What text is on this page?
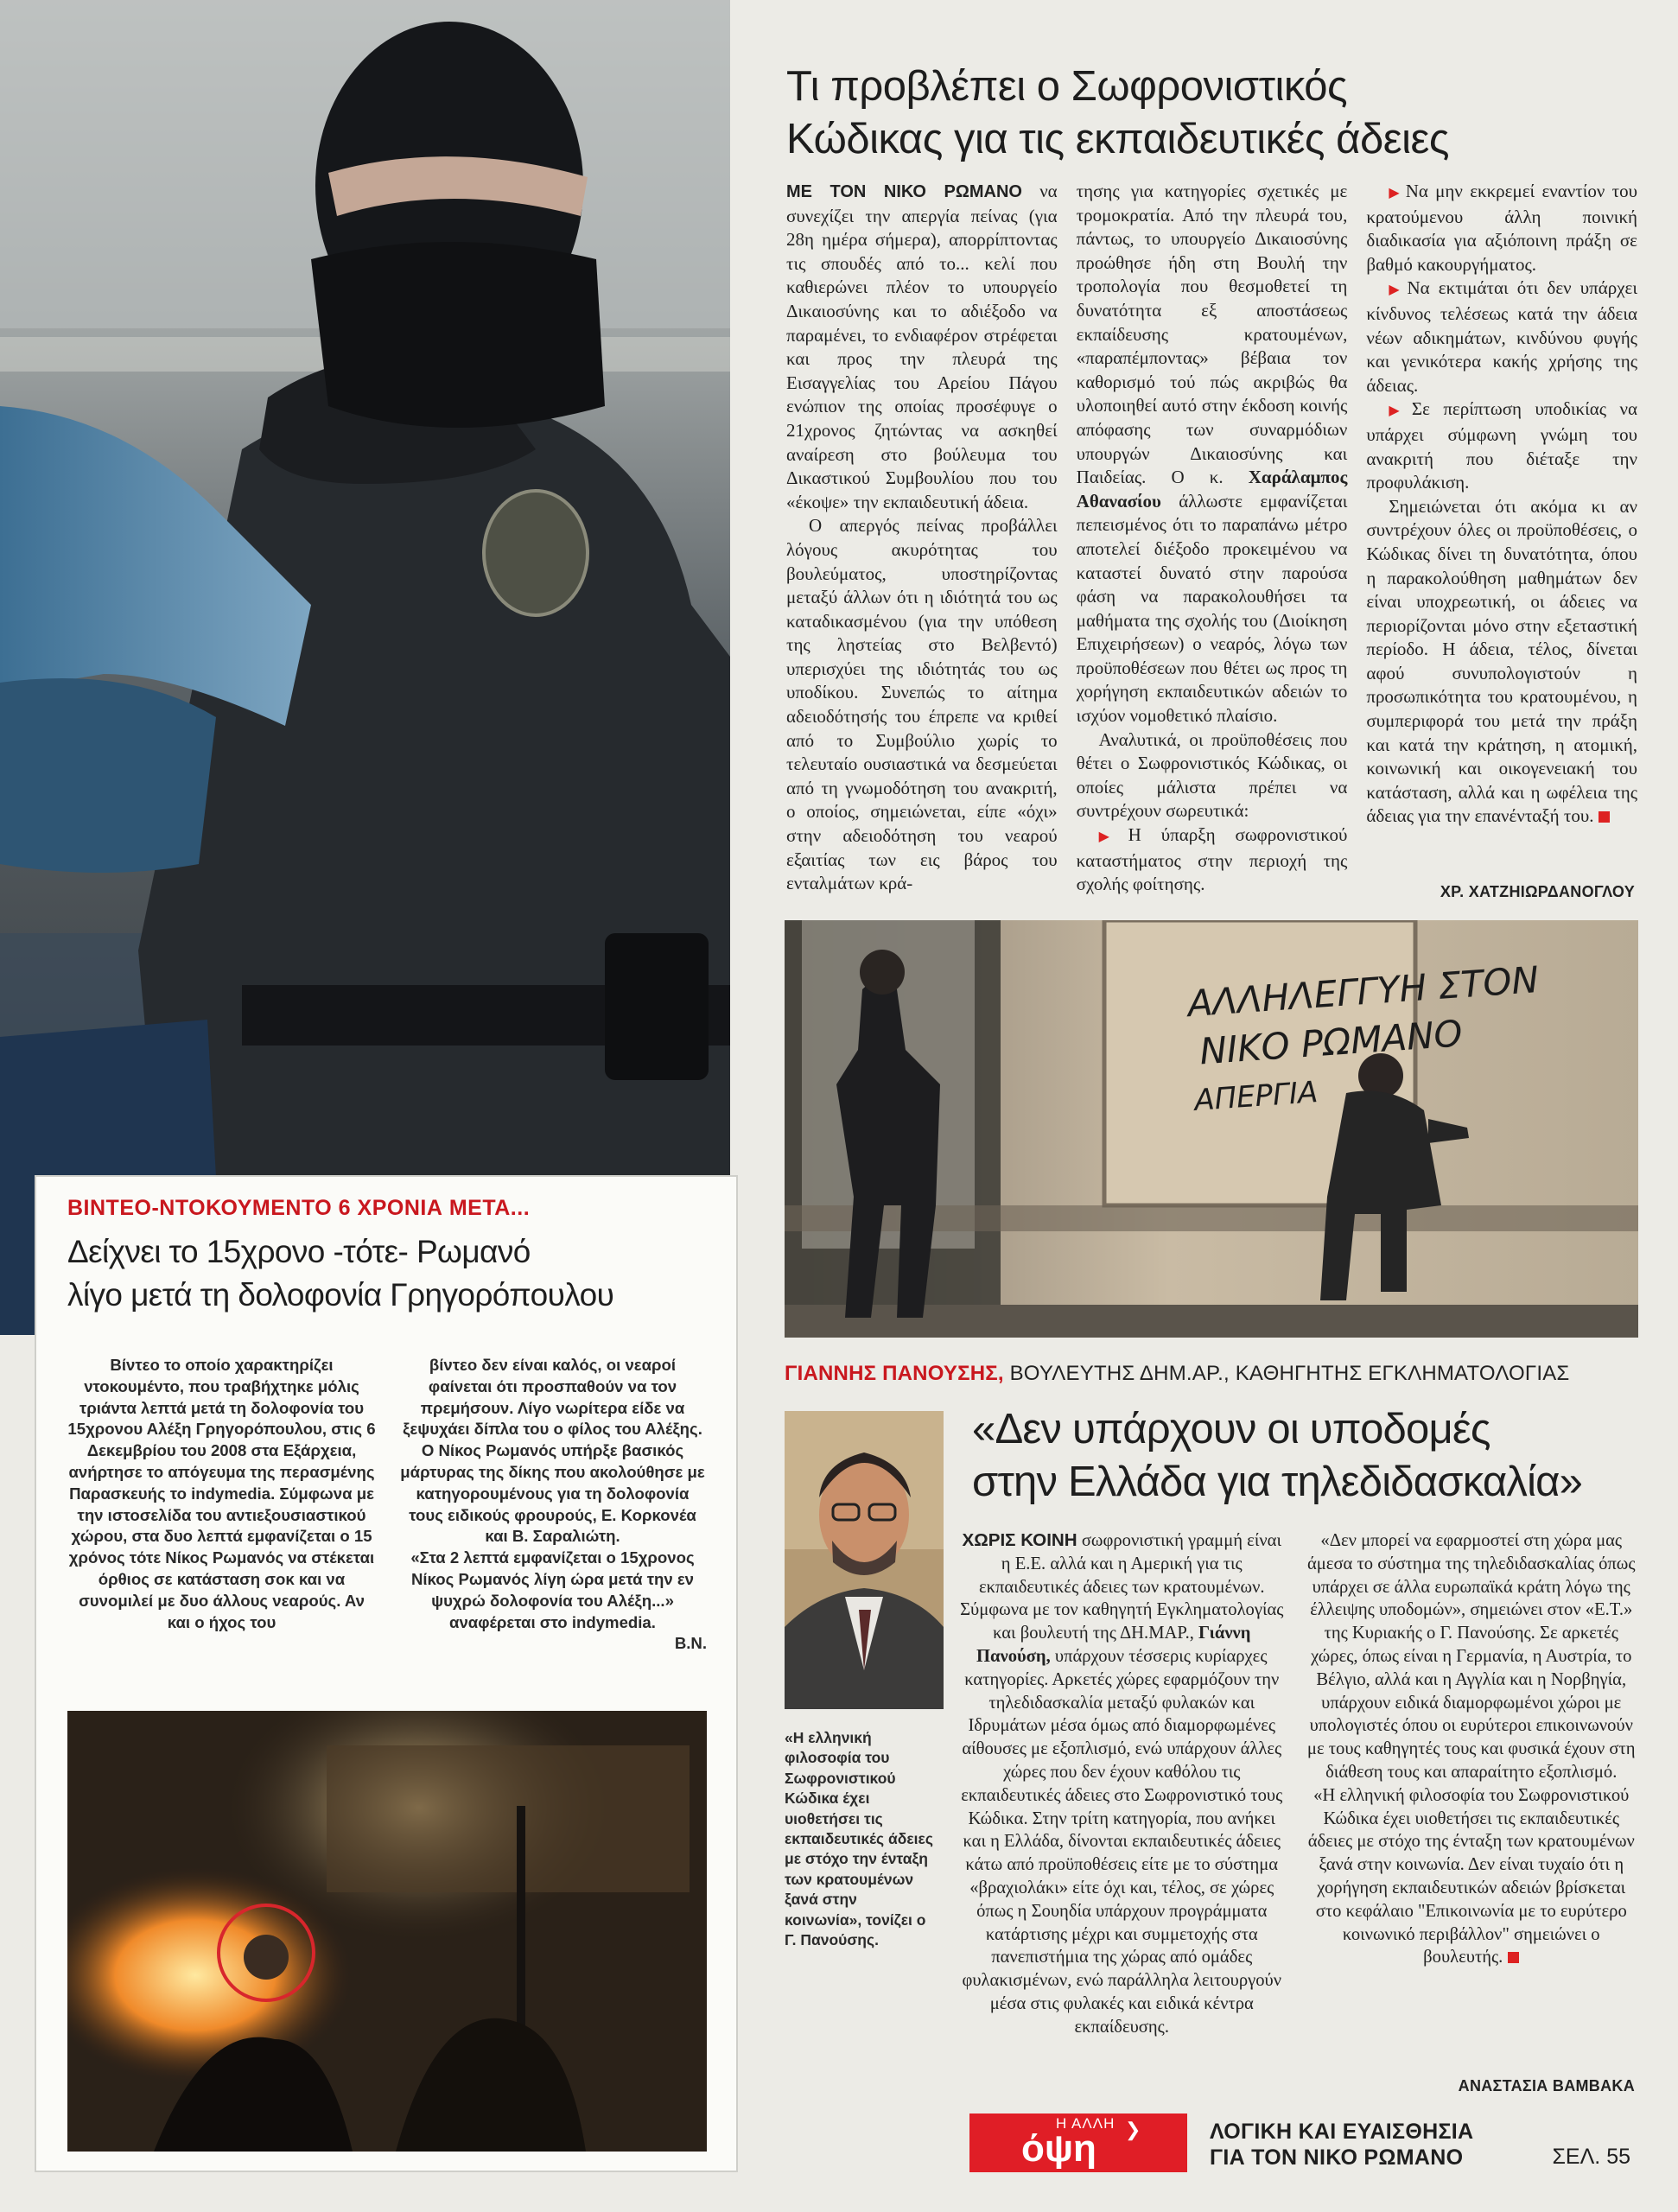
Τι προβλέπει ο Σωφρονιστικός
Κώδικας για τις εκπαιδευτικές άδειες

ΜΕ ΤΟΝ ΝΙΚΟ ΡΩΜΑΝΟ να συνεχίζει την απεργία πείνας (για 28η ημέρα σήμερα), απορρίπτοντας τις σπουδές από το... κελί που καθιερώνει πλέον το υπουργείο Δικαιοσύνης και το αδιέξοδο να παραμένει, το ενδιαφέρον στρέφεται και προς την πλευρά της Εισαγγελίας του Αρείου Πάγου ενώπιον της οποίας προσέφυγε ο 21χρονος ζητώντας να ασκηθεί αναίρεση στο βούλευμα του Δικαστικού Συμβουλίου που του «έκοψε» την εκπαιδευτική άδεια.

Ο απεργός πείνας προβάλλει λόγους ακυρότητας του βουλεύματος, υποστηρίζοντας μεταξύ άλλων ότι η ιδιότητά του ως καταδικασμένου (για την υπόθεση της ληστείας στο Βελβεντό) υπερισχύει της ιδιότητάς του ως υποδίκου. Συνεπώς το αίτημα αδειοδότησής του έπρεπε να κριθεί από το Συμβούλιο χωρίς το τελευταίο ουσιαστικά να δεσμεύεται από τη γνωμοδότηση του ανακριτή, ο οποίος, σημειώνεται, είπε «όχι» στην αδειοδότηση του νεαρού εξαιτίας των εις βάρος του ενταλμάτων κρά-

τησης για κατηγορίες σχετικές με τρομοκρατία. Από την πλευρά του, πάντως, το υπουργείο Δικαιοσύνης προώθησε ήδη στη Βουλή την τροπολογία που θεσμοθετεί τη δυνατότητα εξ αποστάσεως εκπαίδευσης κρατουμένων, «παραπέμποντας» βέβαια τον καθορισμό τού πώς ακριβώς θα υλοποιηθεί αυτό στην έκδοση κοινής απόφασης των συναρμόδιων υπουργών Δικαιοσύνης και Παιδείας. Ο κ. Χαράλαμπος Αθανασίου άλλωστε εμφανίζεται πεπεισμένος ότι το παραπάνω μέτρο αποτελεί διέξοδο προκειμένου να καταστεί δυνατό στην παρούσα φάση να παρακολουθήσει τα μαθήματα της σχολής του (Διοίκηση Επιχειρήσεων) ο νεαρός, λόγω των προϋποθέσεων που θέτει ως προς τη χορήγηση εκπαιδευτικών αδειών το ισχύον νομοθετικό πλαίσιο.

Αναλυτικά, οι προϋποθέσεις που θέτει ο Σωφρονιστικός Κώδικας, οι οποίες μάλιστα πρέπει να συντρέχουν σωρευτικά:

▶ Η ύπαρξη σωφρονιστικού καταστήματος στην περιοχή της σχολής φοίτησης.

▶ Να μην εκκρεμεί εναντίον του κρατούμενου άλλη ποινική διαδικασία για αξιόποινη πράξη σε βαθμό κακουργήματος.

▶ Να εκτιμάται ότι δεν υπάρχει κίνδυνος τελέσεως κατά την άδεια νέων αδικημάτων, κινδύνου φυγής και γενικότερα κακής χρήσης της άδειας.

▶ Σε περίπτωση υποδικίας να υπάρχει σύμφωνη γνώμη του ανακριτή που διέταξε την προφυλάκιση.

Σημειώνεται ότι ακόμα κι αν συντρέχουν όλες οι προϋποθέσεις, ο Κώδικας δίνει τη δυνατότητα, όπου η παρακολούθηση μαθημάτων δεν είναι υποχρεωτική, οι άδειες να περιορίζονται μόνο στην εξεταστική περίοδο. Η άδεια, τέλος, δίνεται αφού συνυπολογιστούν η προσωπικότητα του κρατουμένου, η συμπεριφορά του μετά την πράξη και κατά την κράτηση, η ατομική, κοινωνική και οικογενειακή του κατάσταση, αλλά και η ωφέλεια της άδειας για την επανένταξή του.

ΧΡ. ΧΑΤΖΗΙΩΡΔΑΝΟΓΛΟΥ
ΑΛΛΗΛΕΓΓΥΗ ΣΤΟΝ
ΝΙΚΟ ΡΩΜΑΝΟ
ΑΠΕΡΓΙΑ
ΒΙΝΤΕΟ-ΝΤΟΚΟΥΜΕΝΤΟ 6 ΧΡΟΝΙΑ ΜΕΤΑ...
Δείχνει το 15χρονο -τότε- Ρωμανό
λίγο μετά τη δολοφονία Γρηγορόπουλου
Βίντεο το οποίο χαρακτηρίζει ντοκουμέντο, που τραβήχτηκε μόλις τριάντα λεπτά μετά τη δολοφονία του 15χρονου Αλέξη Γρηγορόπουλου, στις 6 Δεκεμβρίου του 2008 στα Εξάρχεια, ανήρτησε το απόγευμα της περασμένης Παρασκευής το indymedia. Σύμφωνα με την ιστοσελίδα του αντιεξουσιαστικού χώρου, στα δυο λεπτά εμφανίζεται ο 15 χρόνος τότε Νίκος Ρωμανός να στέκεται όρθιος σε κατάσταση σοκ και να συνομιλεί με δυο άλλους νεαρούς. Αν και ο ήχος του
βίντεο δεν είναι καλός, οι νεαροί φαίνεται ότι προσπαθούν να τον πρεμήσουν. Λίγο νωρίτερα είδε να ξεψυχάει δίπλα του ο φίλος του Αλέξης. Ο Νίκος Ρωμανός υπήρξε βασικός μάρτυρας της δίκης που ακολούθησε με κατηγορουμένους για τη δολοφονία τους ειδικούς φρουρούς, Ε. Κορκονέα και Β. Σαραλιώτη.
«Στα 2 λεπτά εμφανίζεται ο 15χρονος Νίκος Ρωμανός λίγη ώρα μετά την εν ψυχρώ δολοφονία του Αλέξη...» αναφέρεται στο indymedia.
Β.Ν.
ΓΙΑΝΝΗΣ ΠΑΝΟΥΣΗΣ, ΒΟΥΛΕΥΤΗΣ ΔΗΜ.ΑΡ., ΚΑΘΗΓΗΤΗΣ ΕΓΚΛΗΜΑΤΟΛΟΓΙΑΣ
«Η ελληνική φιλοσοφία του Σωφρονιστικού Κώδικα έχει υιοθετήσει τις εκπαιδευτικές άδειες με στόχο την ένταξη των κρατουμένων ξανά στην κοινωνία», τονίζει ο Γ. Πανούσης.
«Δεν υπάρχουν οι υποδομές
στην Ελλάδα για τηλεδιδασκαλία»

ΧΩΡΙΣ ΚΟΙΝΗ σωφρονιστική γραμμή είναι η Ε.Ε. αλλά και η Αμερική για τις εκπαιδευτικές άδειες των κρατουμένων. Σύμφωνα με τον καθηγητή Εγκληματολογίας και βουλευτή της ΔΗ.ΜΑΡ., Γιάννη Πανούση, υπάρχουν τέσσερις κυρίαρχες κατηγορίες. Αρκετές χώρες εφαρμόζουν την τηλεδιδασκαλία μεταξύ φυλακών και Ιδρυμάτων μέσα όμως από διαμορφωμένες αίθουσες με εξοπλισμό, ενώ υπάρχουν άλλες χώρες που δεν έχουν καθόλου τις εκπαιδευτικές άδειες στο Σωφρονιστικό τους Κώδικα. Στην τρίτη κατηγορία, που ανήκει και η Ελλάδα, δίνονται εκπαιδευτικές άδειες κάτω από προϋποθέσεις είτε με το σύστημα «βραχιολάκι» είτε όχι και, τέλος, σε χώρες όπως η Σουηδία υπάρχουν προγράμματα κατάρτισης μέχρι και συμμετοχής στα πανεπιστήμια της χώρας από ομάδες φυλακισμένων, ενώ παράλληλα λειτουργούν μέσα στις φυλακές και ειδικά κέντρα εκπαίδευσης.

«Δεν μπορεί να εφαρμοστεί στη χώρα μας άμεσα το σύστημα της τηλεδιδασκαλίας όπως υπάρχει σε άλλα ευρωπαϊκά κράτη λόγω της έλλειψης υποδομών», σημειώνει στον «Ε.Τ.» της Κυριακής ο Γ. Πανούσης. Σε αρκετές χώρες, όπως είναι η Γερμανία, η Αυστρία, το Βέλγιο, αλλά και η Αγγλία και η Νορβηγία, υπάρχουν ειδικά διαμορφωμένοι χώροι με υπολογιστές όπου οι ευρύτεροι επικοινωνούν με τους καθηγητές τους και φυσικά έχουν στη διάθεση τους και απαραίτητο εξοπλισμό.

«Η ελληνική φιλοσοφία του Σωφρονιστικού Κώδικα έχει υιοθετήσει τις εκπαιδευτικές άδειες με στόχο της ένταξη των κρατουμένων ξανά στην κοινωνία. Δεν είναι τυχαίο ότι η χορήγηση εκπαιδευτικών αδειών βρίσκεται στο κεφάλαιο "Επικοινωνία με το ευρύτερο κοινωνικό περιβάλλον" σημειώνει ο βουλευτής.

ΑΝΑΣΤΑΣΙΑ ΒΑΜΒΑΚΑ
Η ΑΛΛΗ
όψη ❯	ΛΟΓΙΚΗ ΚΑΙ ΕΥΑΙΣΘΗΣΙΑ
ΓΙΑ ΤΟΝ ΝΙΚΟ ΡΩΜΑΝΟ	ΣΕΛ. 55
